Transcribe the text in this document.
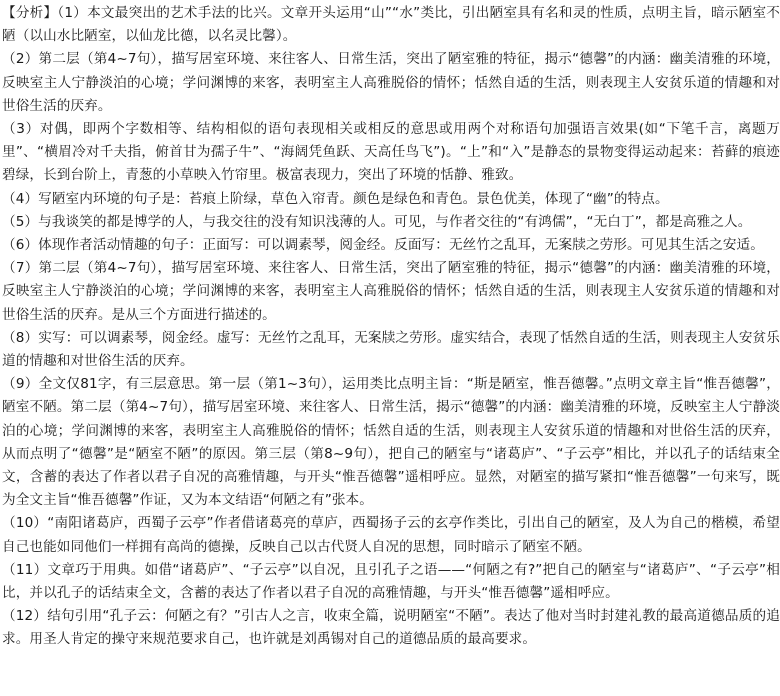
【分析】（1）本文最突出的艺术手法的比兴。文章开头运用“山”“水”类比，引出陋室具有名和灵的性质，点明主旨，暗示陋室不陋（以山水比陋室，以仙龙比德，以名灵比馨）。

（2）第二层（第4~7句），描写居室环境、来往客人、日常生活，突出了陋室雅的特征，揭示“德馨”的内涵：幽美清雅的环境，反映室主人宁静淡泊的心境；学问渊博的来客，表明室主人高雅脱俗的情怀；恬然自适的生活，则表现主人安贫乐道的情趣和对世俗生活的厌弃。

（3）对偶，即两个字数相等、结构相似的语句表现相关或相反的意思或用两个对称语句加强语言效果(如“下笔千言，离题万里”、“横眉冷对千夫指，俯首甘为孺子牛”、“海阔凭鱼跃、天高任鸟飞”)。“上”和“入”是静态的景物变得运动起来：苔藓的痕迹碧绿，长到台阶上，青葱的小草映入竹帘里。极富表现力，突出了环境的恬静、雅致。

（4）写陋室内环境的句子是：苔痕上阶绿，草色入帘青。颜色是绿色和青色。景色优美，体现了“幽”的特点。

（5）与我谈笑的都是博学的人，与我交往的没有知识浅薄的人。可见，与作者交往的“有鸿儒”，“无白丁”，都是高雅之人。

（6）体现作者活动情趣的句子：正面写：可以调素琴，阅金经。反面写：无丝竹之乱耳，无案牍之劳形。可见其生活之安适。

（7）第二层（第4~7句），描写居室环境、来往客人、日常生活，突出了陋室雅的特征，揭示“德馨”的内涵：幽美清雅的环境，反映室主人宁静淡泊的心境；学问渊博的来客，表明室主人高雅脱俗的情怀；恬然自适的生活，则表现主人安贫乐道的情趣和对世俗生活的厌弃。是从三个方面进行描述的。

（8）实写：可以调素琴，阅金经。虚写：无丝竹之乱耳，无案牍之劳形。虚实结合，表现了恬然自适的生活，则表现主人安贫乐道的情趣和对世俗生活的厌弃。

（9）全文仅81字，有三层意思。第一层（第1~3句），运用类比点明主旨：“斯是陋室，惟吾德馨。”点明文章主旨“惟吾德馨”，陋室不陋。第二层（第4~7句），描写居室环境、来往客人、日常生活，揭示“德馨”的内涵：幽美清雅的环境，反映室主人宁静淡泊的心境；学问渊博的来客，表明室主人高雅脱俗的情怀；恬然自适的生活，则表现主人安贫乐道的情趣和对世俗生活的厌弃，从而点明了“德馨”是“陋室不陋”的原因。第三层（第8~9句），把自己的陋室与“诸葛庐”、“子云亭”相比，并以孔子的话结束全文，含蓄的表达了作者以君子自况的高雅情趣，与开头“惟吾德馨”遥相呼应。显然，对陋室的描写紧扣“惟吾德馨”一句来写，既为全文主旨“惟吾德馨”作证，又为本文结语“何陋之有”张本。

（10）“南阳诸葛庐，西蜀子云亭”作者借诸葛亮的草庐，西蜀扬子云的玄亭作类比，引出自己的陋室，及人为自己的楷模，希望自己也能如同他们一样拥有高尚的德操，反映自己以古代贤人自况的思想，同时暗示了陋室不陋。

（11）文章巧于用典。如借“诸葛庐”、“子云亭”以自况，且引孔子之语——“何陋之有?”把自己的陋室与“诸葛庐”、“子云亭”相比，并以孔子的话结束全文，含蓄的表达了作者以君子自况的高雅情趣，与开头“惟吾德馨”遥相呼应。

（12）结句引用“孔子云：何陋之有？”引古人之言，收束全篇，说明陋室“不陋”。表达了他对当时封建礼教的最高道德品质的追求。用圣人肯定的操守来规范要求自己，也许就是刘禹锡对自己的道德品质的最高要求。
